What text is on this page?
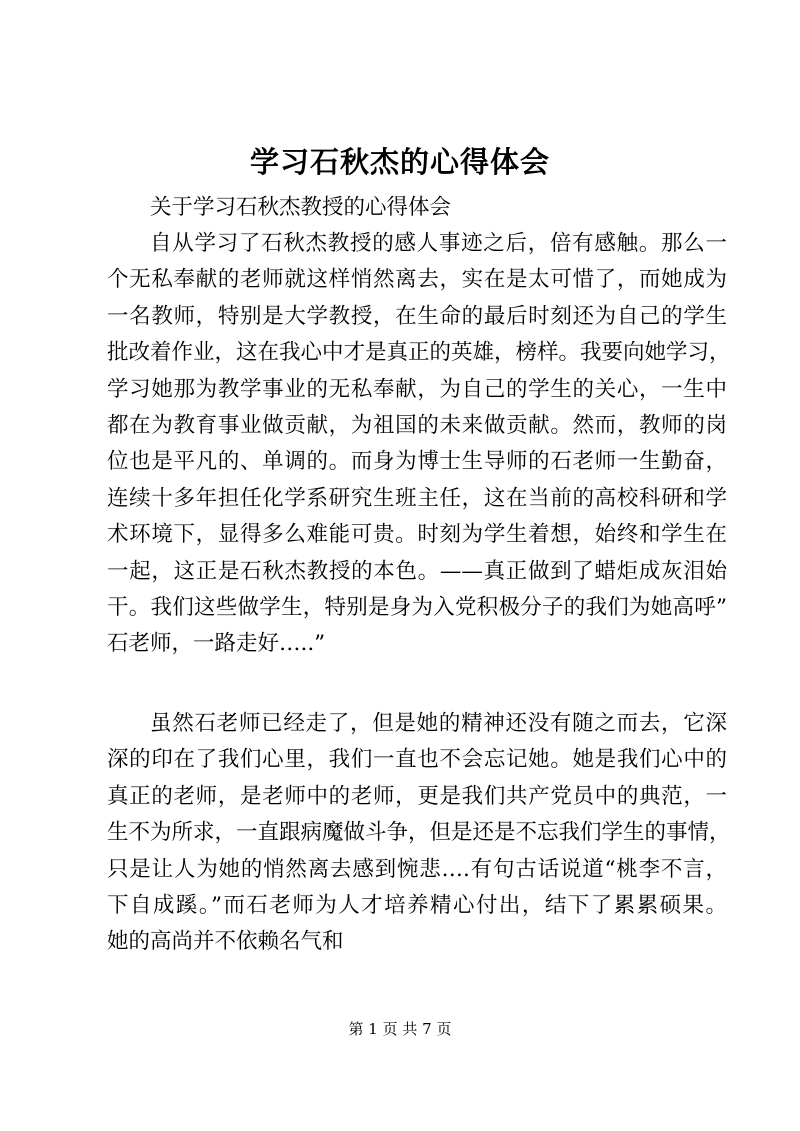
学习石秋杰的心得体会

关于学习石秋杰教授的心得体会

自从学习了石秋杰教授的感人事迹之后，倍有感触。那么一
个无私奉献的老师就这样悄然离去，实在是太可惜了，而她成为
一名教师，特别是大学教授，在生命的最后时刻还为自己的学生
批改着作业，这在我心中才是真正的英雄，榜样。我要向她学习，
学习她那为教学事业的无私奉献，为自己的学生的关心，一生中
都在为教育事业做贡献，为祖国的未来做贡献。然而，教师的岗
位也是平凡的、单调的。而身为博士生导师的石老师一生勤奋，
连续十多年担任化学系研究生班主任，这在当前的高校科研和学
术环境下，显得多么难能可贵。时刻为学生着想，始终和学生在
一起，这正是石秋杰教授的本色。——真正做到了蜡炬成灰泪始
干。我们这些做学生，特别是身为入党积极分子的我们为她高呼”
石老师，一路走好…..”
虽然石老师已经走了，但是她的精神还没有随之而去，它深
深的印在了我们心里，我们一直也不会忘记她。她是我们心中的
真正的老师，是老师中的老师，更是我们共产党员中的典范，一
生不为所求，一直跟病魔做斗争，但是还是不忘我们学生的事情，
只是让人为她的悄然离去感到惋悲….有句古话说道“桃李不言，
下自成蹊。”而石老师为人才培养精心付出，结下了累累硕果。
她的高尚并不依赖名气和
第 1 页 共 7 页
